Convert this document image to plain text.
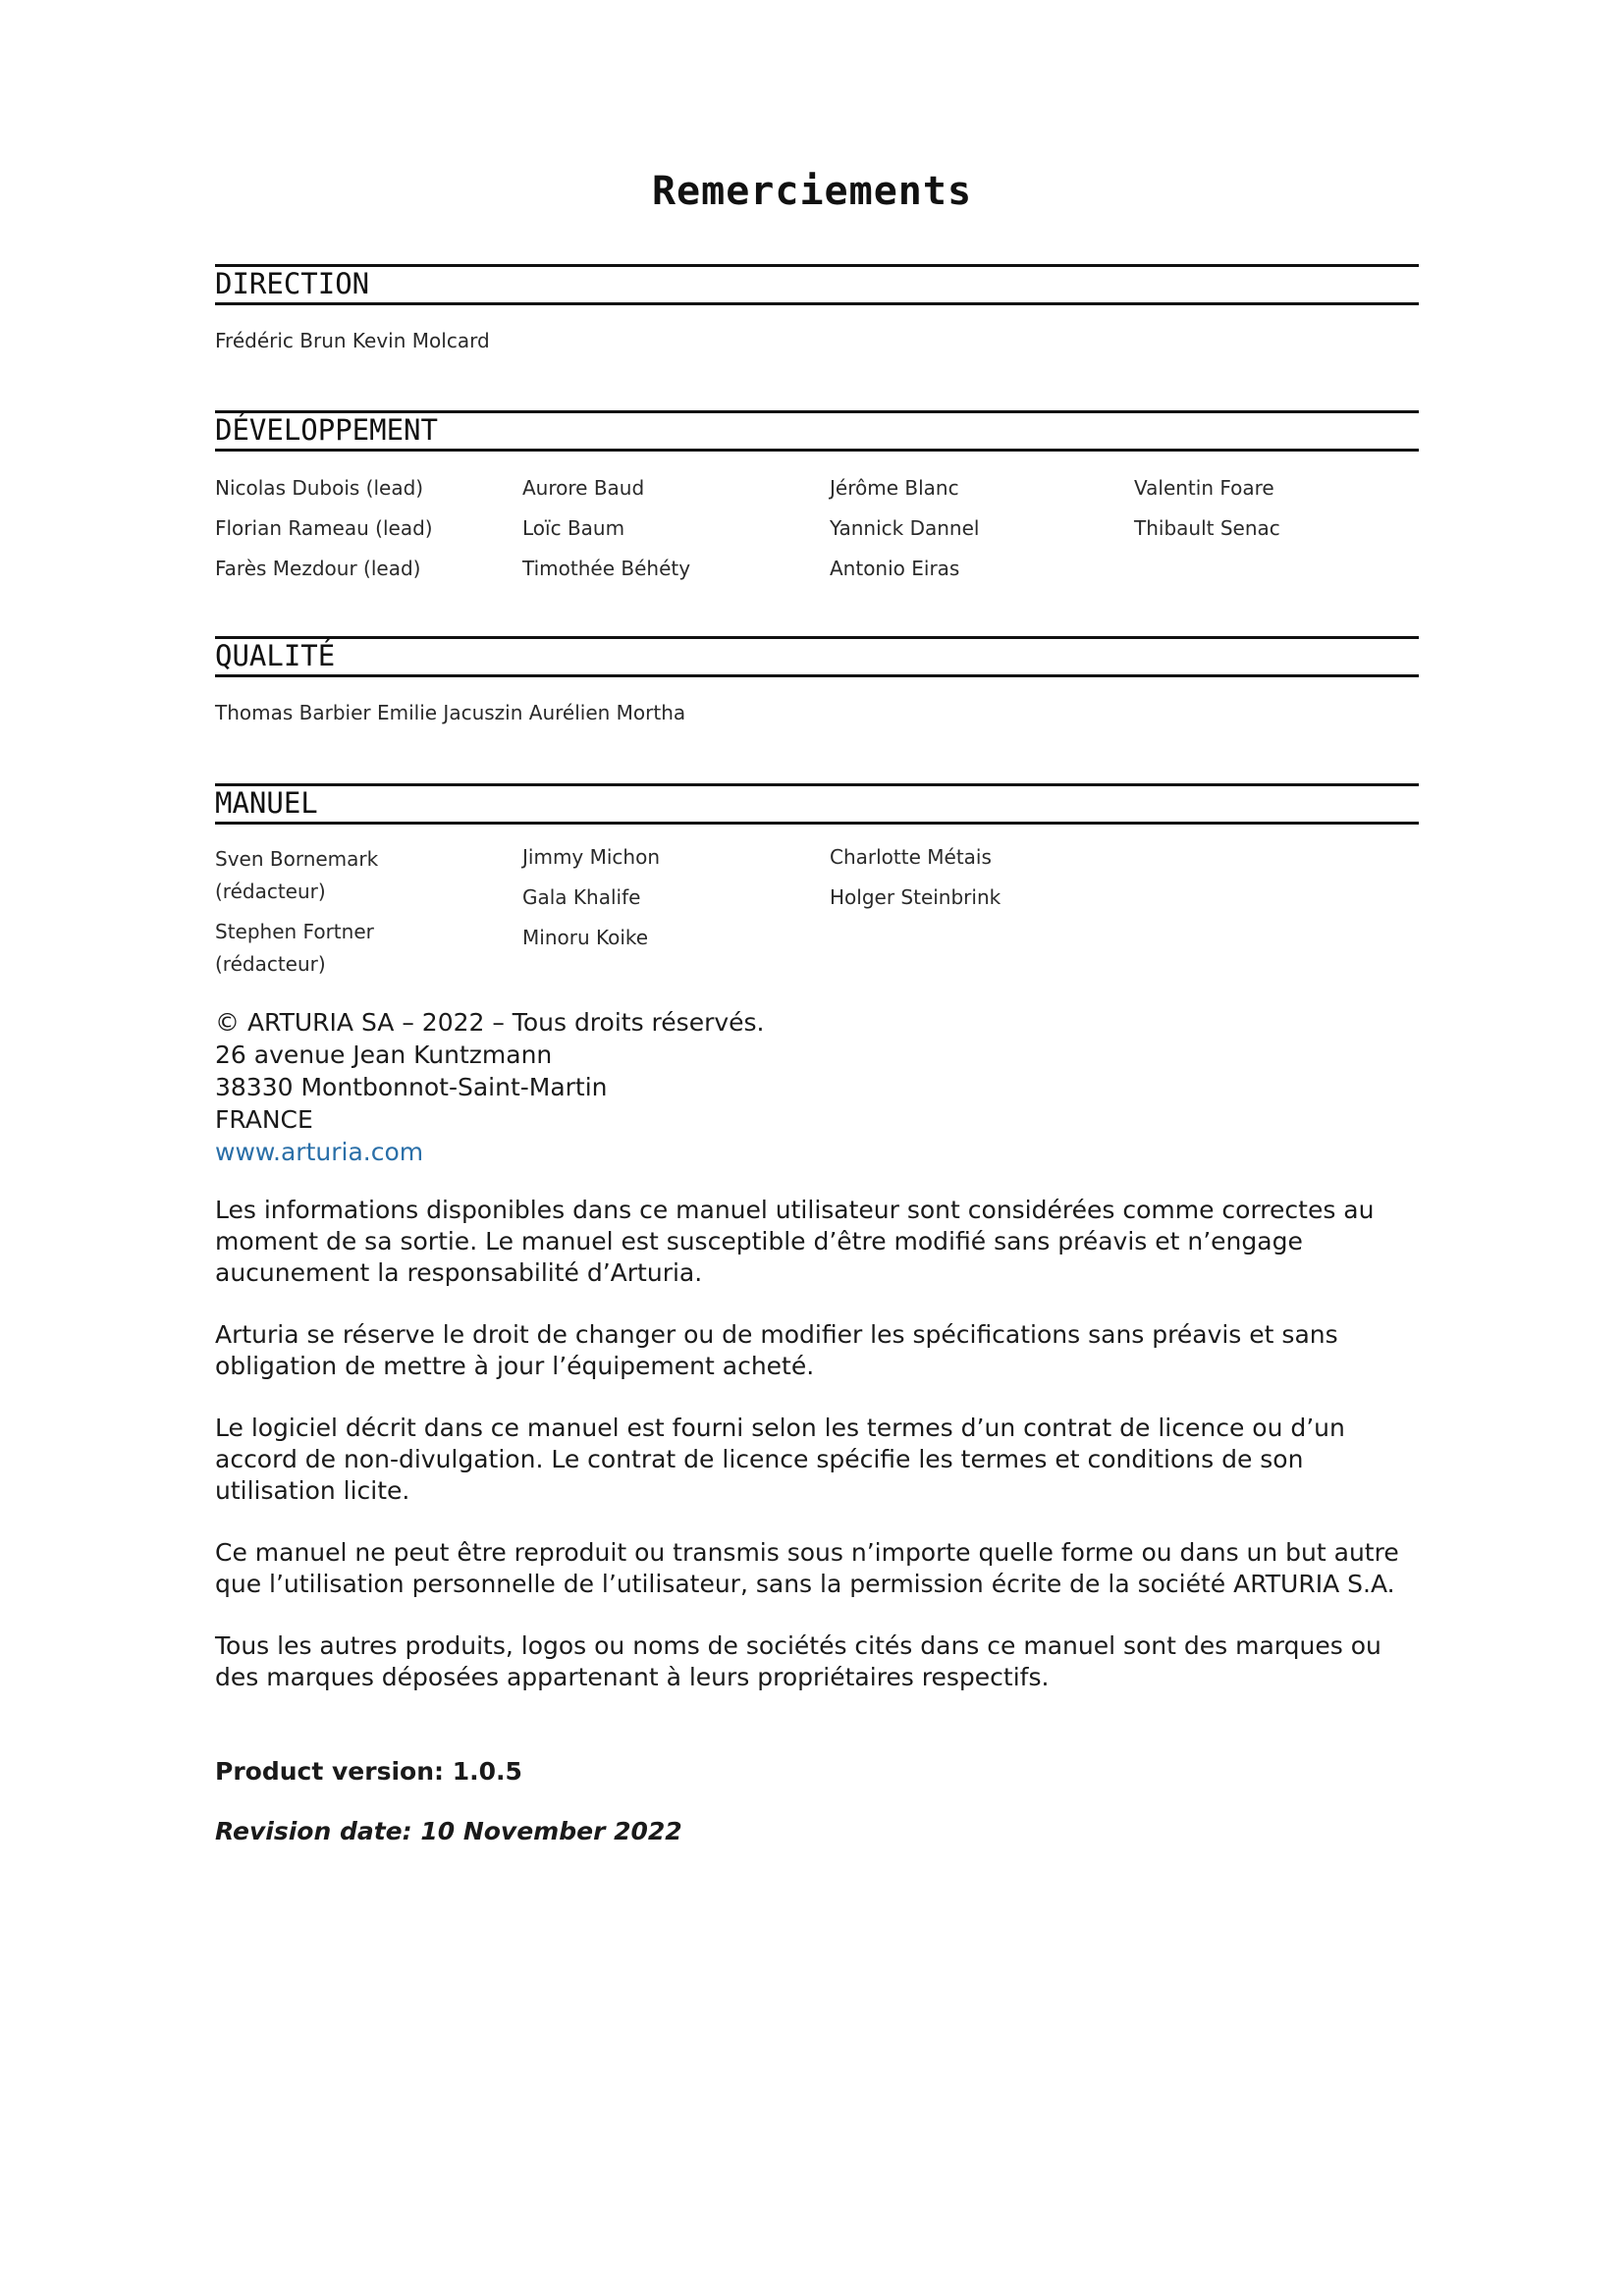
Remerciements
DIRECTION
Frédéric Brun Kevin Molcard
DÉVELOPPEMENT
Nicolas Dubois (lead)
Florian Rameau (lead)
Farès Mezdour (lead)
Aurore Baud
Loïc Baum
Timothée Béhéty
Jérôme Blanc
Yannick Dannel
Antonio Eiras
Valentin Foare
Thibault Senac
QUALITÉ
Thomas Barbier Emilie Jacuszin Aurélien Mortha
MANUEL
Sven Bornemark (rédacteur)
Stephen Fortner (rédacteur)
Jimmy Michon
Gala Khalife
Minoru Koike
Charlotte Métais
Holger Steinbrink
© ARTURIA SA – 2022 – Tous droits réservés.
26 avenue Jean Kuntzmann
38330 Montbonnot-Saint-Martin
FRANCE
www.arturia.com

Les informations disponibles dans ce manuel utilisateur sont considérées comme correctes au moment de sa sortie. Le manuel est susceptible d’être modifié sans préavis et n’engage aucunement la responsabilité d’Arturia.

Arturia se réserve le droit de changer ou de modifier les spécifications sans préavis et sans obligation de mettre à jour l’équipement acheté.

Le logiciel décrit dans ce manuel est fourni selon les termes d’un contrat de licence ou d’un accord de non-divulgation. Le contrat de licence spécifie les termes et conditions de son utilisation licite.

Ce manuel ne peut être reproduit ou transmis sous n’importe quelle forme ou dans un but autre que l’utilisation personnelle de l’utilisateur, sans la permission écrite de la société ARTURIA S.A.

Tous les autres produits, logos ou noms de sociétés cités dans ce manuel sont des marques ou des marques déposées appartenant à leurs propriétaires respectifs.

Product version: 1.0.5
Revision date: 10 November 2022
